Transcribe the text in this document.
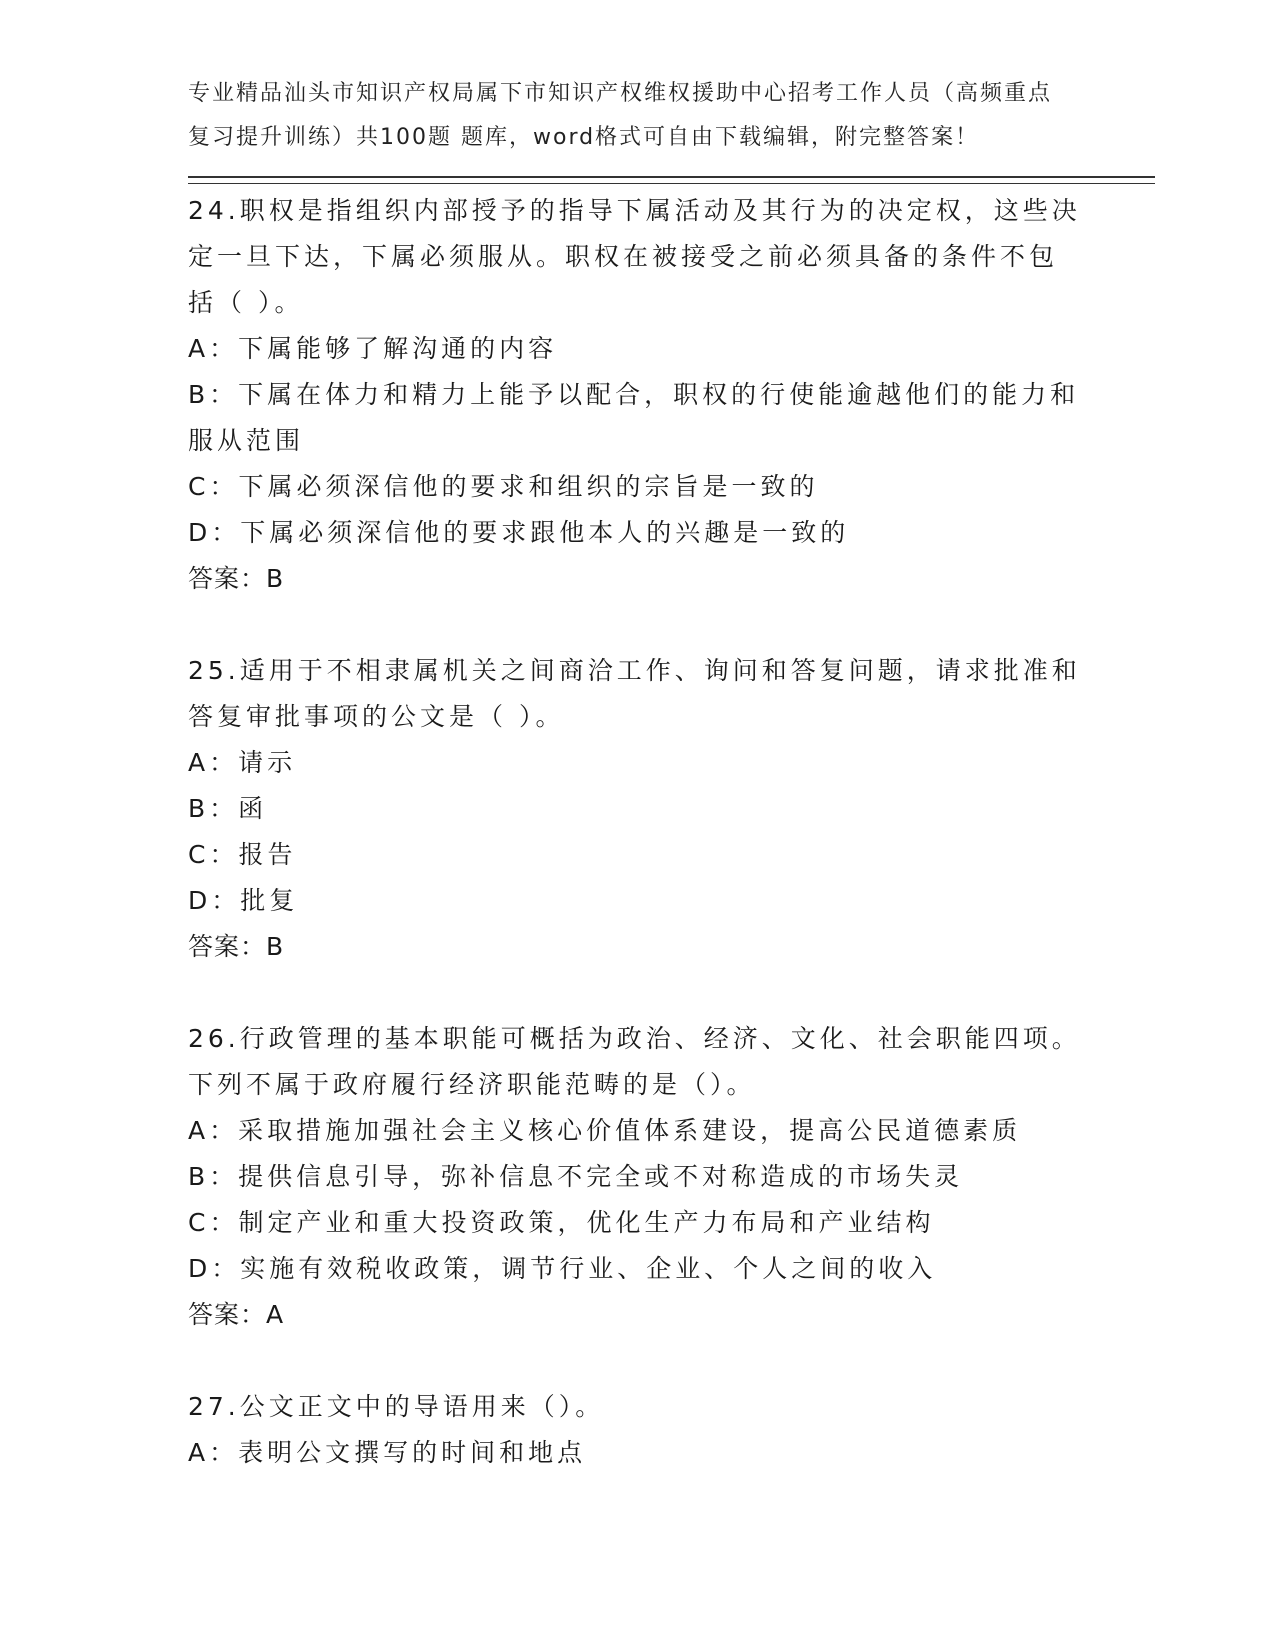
专业精品汕头市知识产权局属下市知识产权维权援助中心招考工作人员（高频重点
复习提升训练）共100题 题库，word格式可自由下载编辑，附完整答案！

24.职权是指组织内部授予的指导下属活动及其行为的决定权，这些决

定一旦下达，下属必须服从。职权在被接受之前必须具备的条件不包

括（ ）。

A：下属能够了解沟通的内容

B：下属在体力和精力上能予以配合，职权的行使能逾越他们的能力和

服从范围

C：下属必须深信他的要求和组织的宗旨是一致的

D：下属必须深信他的要求跟他本人的兴趣是一致的

答案：B

25.适用于不相隶属机关之间商洽工作、询问和答复问题，请求批准和

答复审批事项的公文是（ ）。

A：请示

B：函

C：报告

D：批复

答案：B

26.行政管理的基本职能可概括为政治、经济、文化、社会职能四项。

下列不属于政府履行经济职能范畴的是（）。

A：采取措施加强社会主义核心价值体系建设，提高公民道德素质

B：提供信息引导，弥补信息不完全或不对称造成的市场失灵

C：制定产业和重大投资政策，优化生产力布局和产业结构

D：实施有效税收政策，调节行业、企业、个人之间的收入

答案：A

27.公文正文中的导语用来（）。

A：表明公文撰写的时间和地点
